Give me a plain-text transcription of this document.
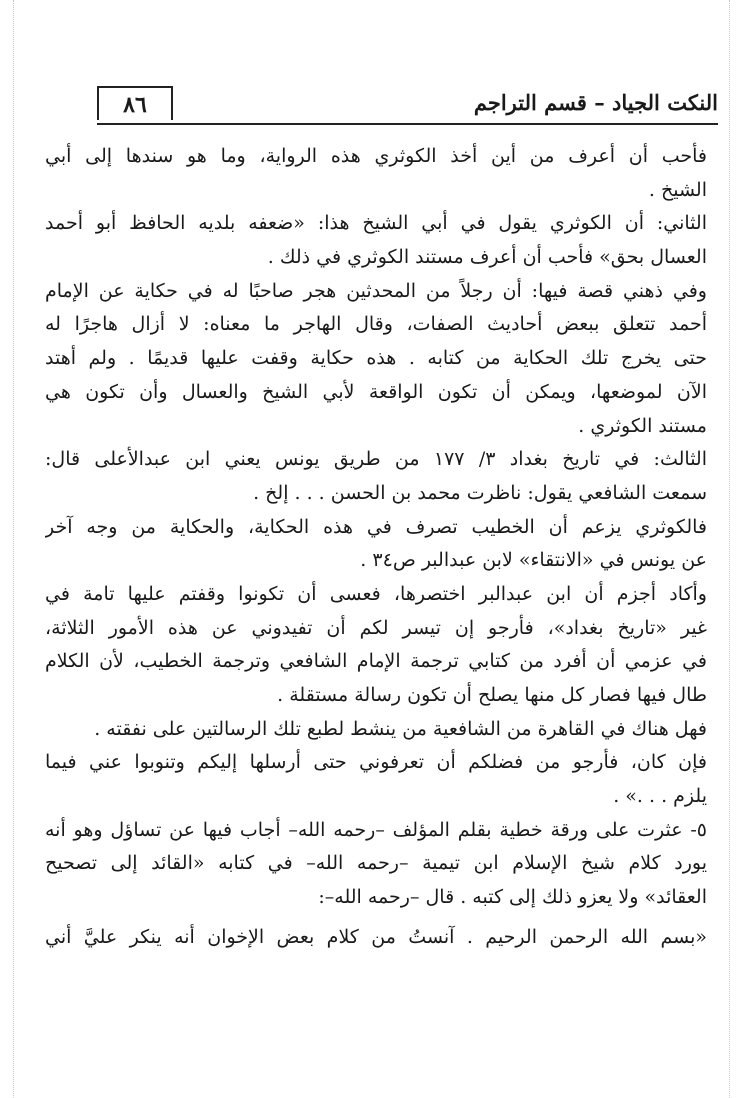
النكت الجياد – قسم التراجم
٨٦
فأحب أن أعرف من أين أخذ الكوثري هذه الرواية، وما هو سندها إلى أبي
الشيخ .
الثاني: أن الكوثري يقول في أبي الشيخ هذا: «ضعفه بلديه الحافظ أبو أحمد
العسال بحق» فأحب أن أعرف مستند الكوثري في ذلك .
وفي ذهني قصة فيها: أن رجلاً من المحدثين هجر صاحبًا له في حكاية عن الإمام
أحمد تتعلق ببعض أحاديث الصفات، وقال الهاجر ما معناه: لا أزال هاجرًا له
حتى يخرج تلك الحكاية من كتابه . هذه حكاية وقفت عليها قديمًا . ولم أهتد
الآن لموضعها، ويمكن أن تكون الواقعة لأبي الشيخ والعسال وأن تكون هي
مستند الكوثري .
الثالث: في تاريخ بغداد ٣/ ١٧٧ من طريق يونس يعني ابن عبدالأعلى قال:
سمعت الشافعي يقول: ناظرت محمد بن الحسن . . . إلخ .
فالكوثري يزعم أن الخطيب تصرف في هذه الحكاية، والحكاية من وجه آخر
عن يونس في «الانتقاء» لابن عبدالبر ص٣٤ .
وأكاد أجزم أن ابن عبدالبر اختصرها، فعسى أن تكونوا وقفتم عليها تامة في
غير «تاريخ بغداد»، فأرجو إن تيسر لكم أن تفيدوني عن هذه الأمور الثلاثة،
في عزمي أن أفرد من كتابي ترجمة الإمام الشافعي وترجمة الخطيب، لأن الكلام
طال فيها فصار كل منها يصلح أن تكون رسالة مستقلة .
فهل هناك في القاهرة من الشافعية من ينشط لطبع تلك الرسالتين على نفقته .
فإن كان، فأرجو من فضلكم أن تعرفوني حتى أرسلها إليكم وتنوبوا عني فيما
يلزم . . .» .
٥- عثرت على ورقة خطية بقلم المؤلف –رحمه الله– أجاب فيها عن تساؤل وهو أنه
يورد كلام شيخ الإسلام ابن تيمية –رحمه الله– في كتابه «القائد إلى تصحيح
العقائد» ولا يعزو ذلك إلى كتبه . قال –رحمه الله–:
«بسم الله الرحمن الرحيم . آنستُ من كلام بعض الإخوان أنه ينكر عليَّ أني
